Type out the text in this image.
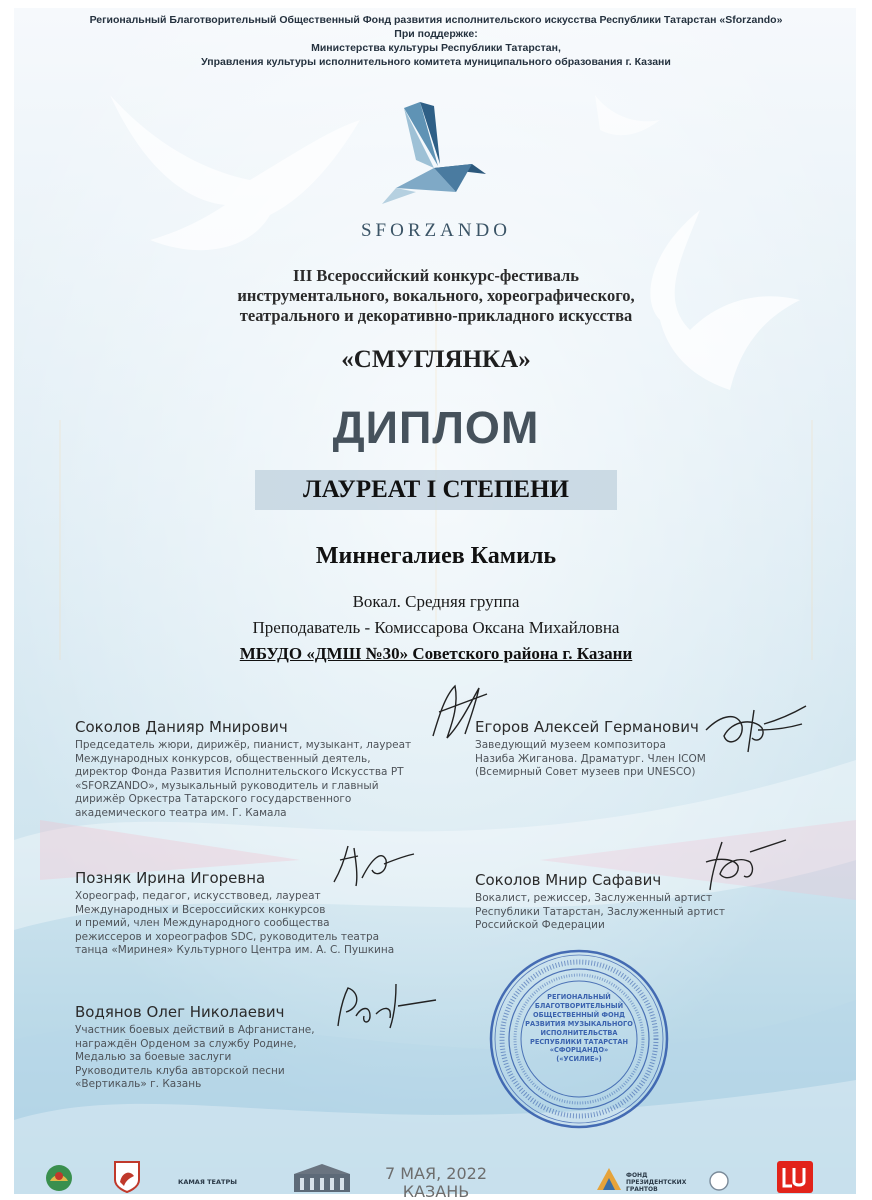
Региональный Благотворительный Общественный Фонд развития исполнительского искусства Республики Татарстан «Sforzando»
При поддержке:
Министерства культуры Республики Татарстан,
Управления культуры исполнительного комитета муниципального образования г. Казани
SFORZANDO
III Всероссийский конкурс-фестиваль
инструментального, вокального, хореографического,
театрального и декоративно-прикладного искусства
«СМУГЛЯНКА»
ДИПЛОМ
ЛАУРЕАТ I СТЕПЕНИ
Миннегалиев Камиль
Вокал. Средняя группа
Преподаватель - Комиссарова Оксана Михайловна
МБУДО «ДМШ №30» Советского района г. Казани
Соколов Данияр Мнирович
Председатель жюри, дирижёр, пианист, музыкант, лауреат
Международных конкурсов, общественный деятель,
директор Фонда Развития Исполнительского Искусства РТ
«SFORZANDO», музыкальный руководитель и главный
дирижёр Оркестра Татарского государственного
академического театра им. Г. Камала
Егоров Алексей Германович
Заведующий музеем композитора
Назиба Жиганова. Драматург. Член ICOM
(Всемирный Совет музеев при UNESCO)
Позняк Ирина Игоревна
Хореограф, педагог, искусствовед, лауреат
Международных и Всероссийских конкурсов
и премий, член Международного сообщества
режиссеров и хореографов SDC, руководитель театра
танца «Миринея» Культурного Центра им. А. С. Пушкина
Соколов Мнир Сафавич
Вокалист, режиссер, Заслуженный артист
Республики Татарстан, Заслуженный артист
Российской Федерации
Водянов Олег Николаевич
Участник боевых действий в Афганистане,
награждён Орденом за службу Родине,
Медалью за боевые заслуги
Руководитель клуба авторской песни
«Вертикаль» г. Казань
РЕГИОНАЛЬНЫЙ
БЛАГОТВОРИТЕЛЬНЫЙ
ОБЩЕСТВЕННЫЙ ФОНД
РАЗВИТИЯ МУЗЫКАЛЬНОГО
ИСПОЛНИТЕЛЬСТВА
РЕСПУБЛИКИ ТАТАРСТАН
«СФОРЦАНДО»
(«УСИЛИЕ»)
КАМАЯ ТЕАТРЫ	7 МАЯ, 2022
КАЗАНЬ
ФОНД ПРЕЗИДЕНТСКИХ ГРАНТОВ
